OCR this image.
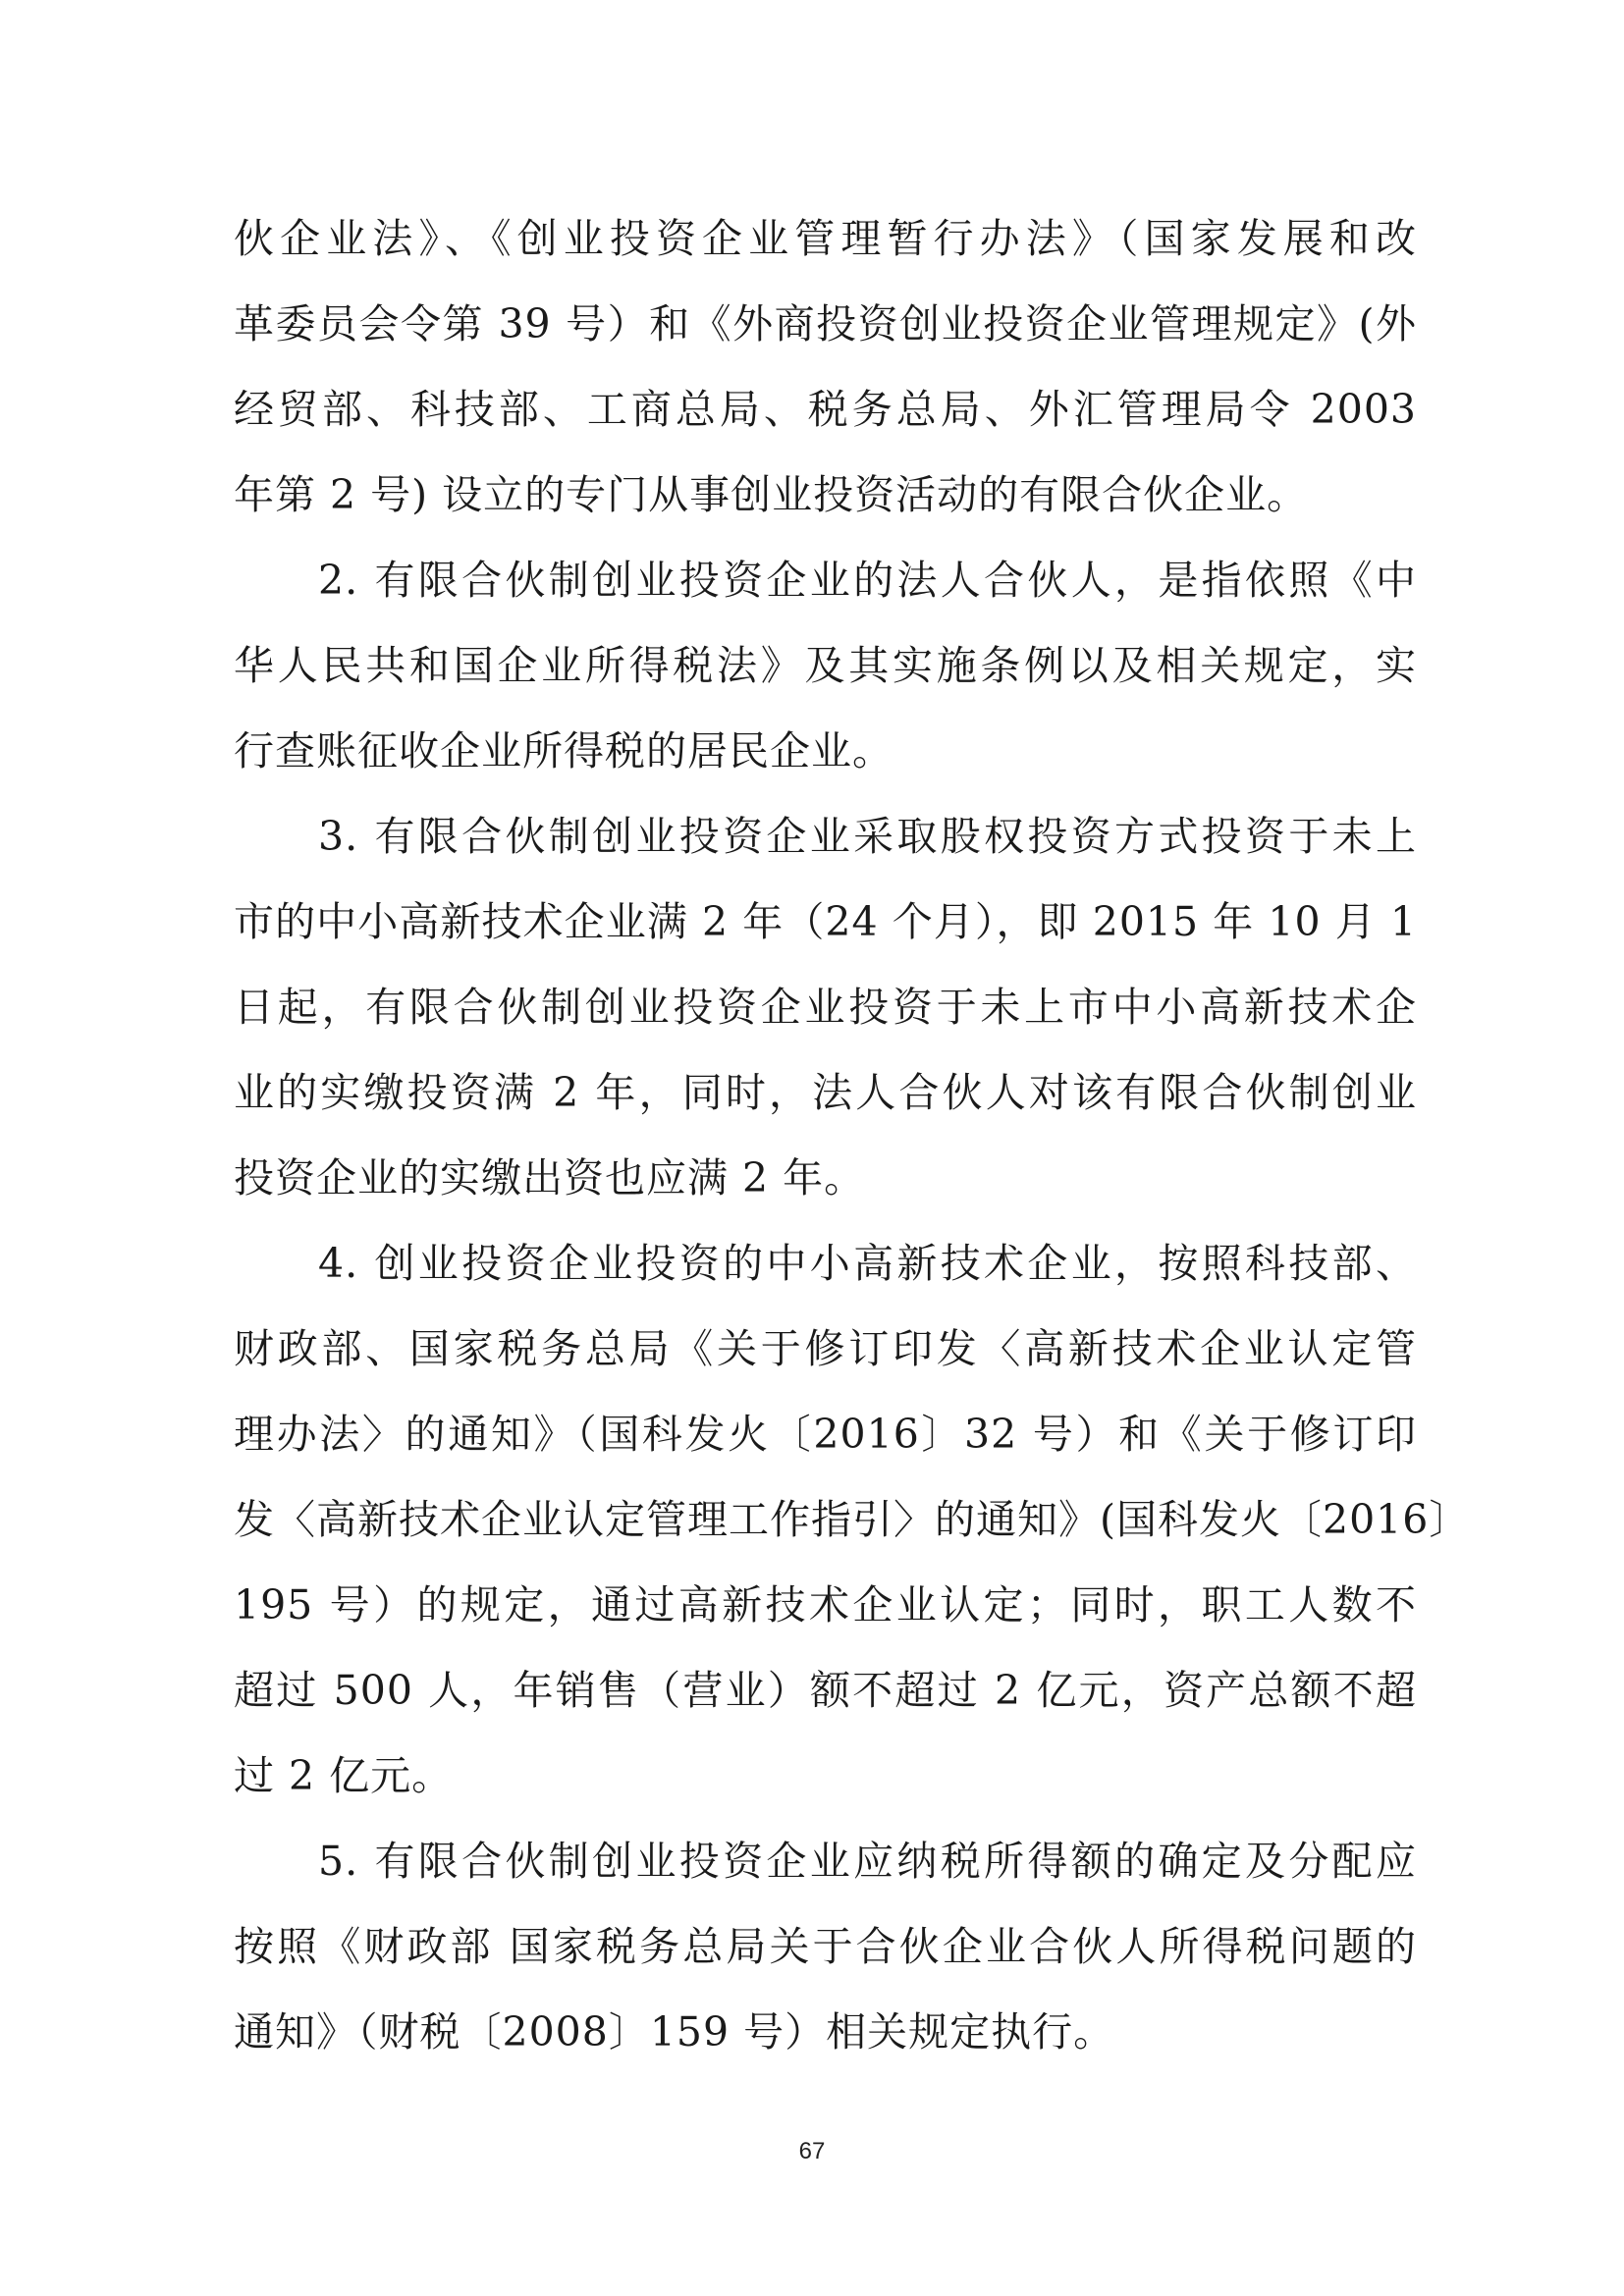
伙企业法》、《创业投资企业管理暂行办法》（国家发展和改
革委员会令第 39 号）和《外商投资创业投资企业管理规定》(外
经贸部、科技部、工商总局、税务总局、外汇管理局令 2003
年第 2 号) 设立的专门从事创业投资活动的有限合伙企业。
2. 有限合伙制创业投资企业的法人合伙人，是指依照《中
华人民共和国企业所得税法》及其实施条例以及相关规定，实
行查账征收企业所得税的居民企业。
3. 有限合伙制创业投资企业采取股权投资方式投资于未上
市的中小高新技术企业满 2 年（24 个月），即 2015 年 10 月 1
日起，有限合伙制创业投资企业投资于未上市中小高新技术企
业的实缴投资满 2 年，同时，法人合伙人对该有限合伙制创业
投资企业的实缴出资也应满 2 年。
4. 创业投资企业投资的中小高新技术企业，按照科技部、
财政部、国家税务总局《关于修订印发〈高新技术企业认定管
理办法〉的通知》（国科发火〔2016〕32 号）和《关于修订印
发〈高新技术企业认定管理工作指引〉的通知》(国科发火〔2016〕
195 号）的规定，通过高新技术企业认定；同时，职工人数不
超过 500 人，年销售（营业）额不超过 2 亿元，资产总额不超
过 2 亿元。
5. 有限合伙制创业投资企业应纳税所得额的确定及分配应
按照《财政部 国家税务总局关于合伙企业合伙人所得税问题的
通知》（财税〔2008〕159 号）相关规定执行。
67
